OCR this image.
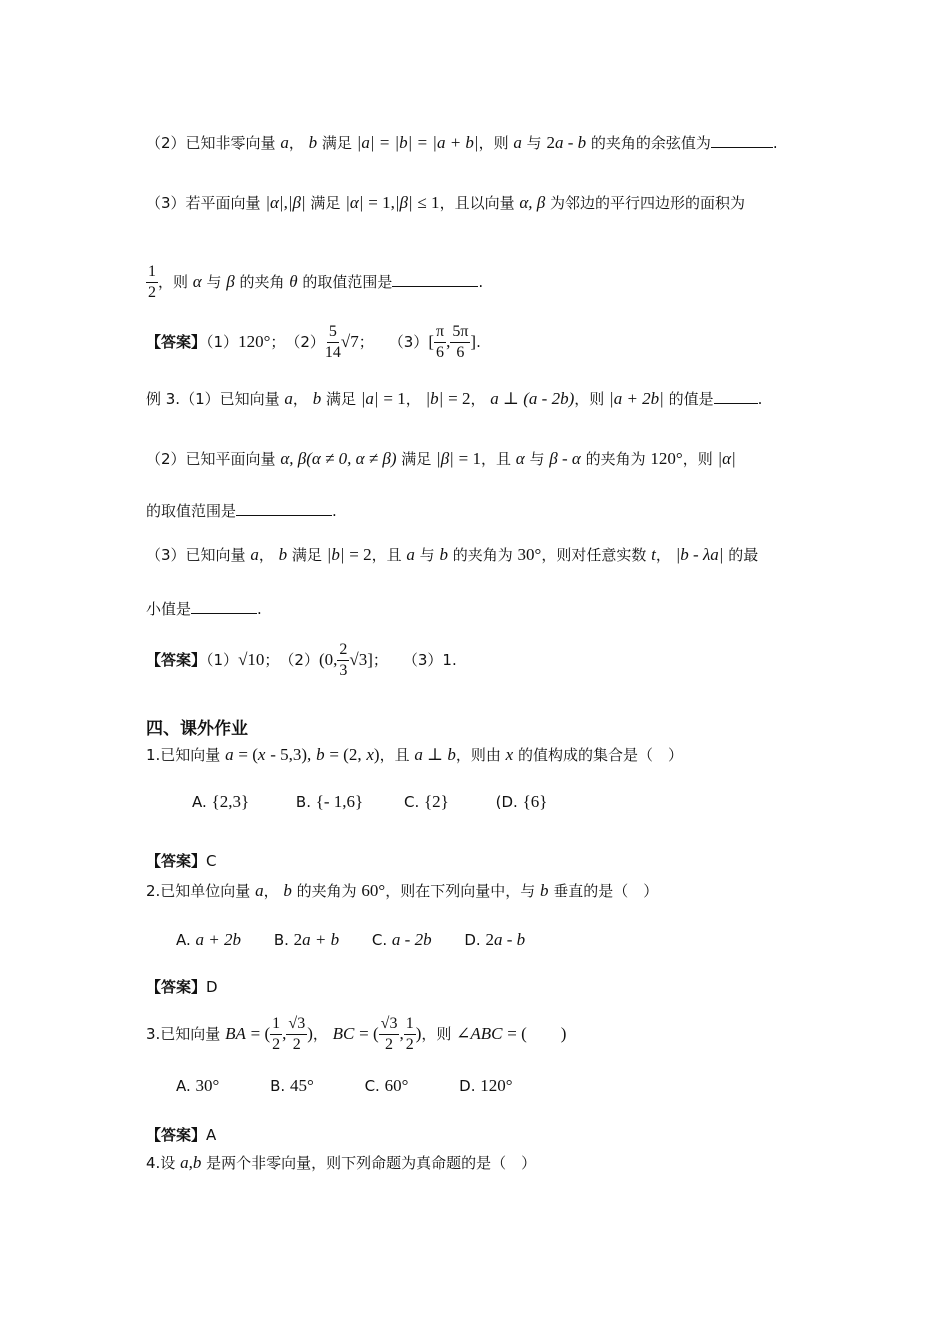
（2）已知非零向量 a， b 满足 |a| = |b| = |a + b|，则 a 与 2a - b 的夹角的余弦值为	.
（3）若平面向量 |α|,|β| 满足 |α| = 1,|β| ≤ 1，且以向量 α, β 为邻边的平行四边形的面积为
$\frac{1}{2}$ ，则 α 与 β 的夹角 θ 的取值范围是	.
【答案】（1）120°；　$(2) \frac{5}{14} √7$；　　$(3)[ \frac{\pi}{6}$ , $\frac{5\pi}{6}$ ].
例 3.（1）已知向量 a， b 满足 |a| = 1， |b| = 2， a ⊥ (a - 2b)，则 |a + 2b| 的值是	.
（2）已知平面向量 α, β(α ≠ 0, α ≠ β) 满足 |β| = 1，且 α 与 β - α 的夹角为 120°，则 |α|
的取值范围是	.
（3）已知向量 a， b 满足 |b| = 2，且 a 与 b 的夹角为 30°，则对任意实数 t， |b - λa| 的最
小值是	.
【答案】（1）√10；　（2）(0, $\frac{2}{3} √3$]；　　（3）1.
四、课外作业
1.已知向量 a = (x - 5,3), b = (2, x)，且 a ⊥ b，则由 x 的值构成的集合是（　）
A. {2,3}	B. {- 1,6}	C. {2}	(D. {6}
【答案】C
2.已知单位向量 a， b 的夹角为 60°，则在下列向量中，与 b 垂直的是（　）
A. a + 2b B. 2a + b C. a - 2b D. 2a - b
【答案】D
3.已知向量 BA = ( $\frac{1}{2}$ , $\frac{√3}{2}$ )， BC = ( $\frac{√3}{2}$ , $\frac{1}{2}$ )，则 ∠ABC = (　　)
A. 30°	B. 45°	C. 60°	D. 120°
【答案】A
4.设 a,b 是两个非零向量，则下列命题为真命题的是（　）
